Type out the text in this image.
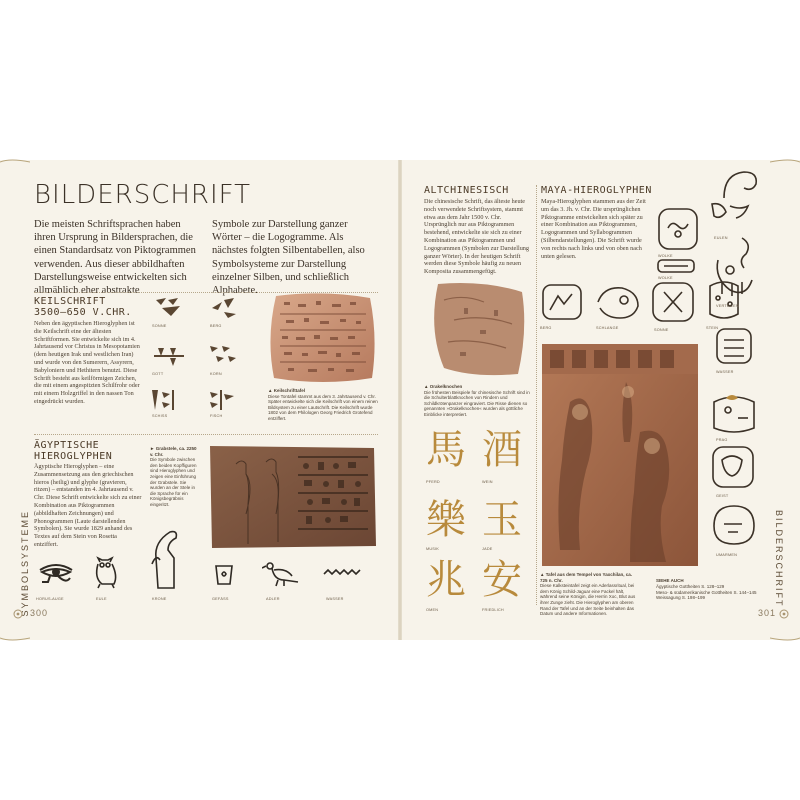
SYMBOLSYSTEME	BILDERSCHRIFT
300	301
BILDERSCHRIFT
Die meisten Schriftsprachen haben ihren Ursprung in Bildersprachen, die einen Standardsatz von Piktogrammen verwenden. Aus dieser abbildhaften Darstellungsweise entwickelten sich allmählich eher abstrakte
Symbole zur Darstellung ganzer Wörter – die Logogramme. Als nächstes folgten Silbentabellen, also Symbolsysteme zur Darstellung einzelner Silben, und schließlich Alphabete.
KEILSCHRIFT
3500–650 V.CHR.
Neben den ägyptischen Hieroglyphen ist die Keilschrift eine der ältesten Schriftformen. Sie entwickelte sich im 4. Jahrtausend vor Christus in Mesopotamien (dem heutigen Irak und westlichen Iran) und wurde von den Sumerern, Assyrern, Babyloniern und Hethitern benutzt. Diese Schrift besteht aus keilförmigen Zeichen, die mit einem angespitzten Schilfrohr oder mit einem Holzgriffel in den nassen Ton eingedrückt wurden.
SONNE	BERG
GOTT	KORN
SCHISS	FISCH
▲ Keilschrifttafel
Diese Tontafel stammt aus dem 3. Jahrtausend v. Chr. Später entwickelte sich die Keilschrift von einem reinen Bildsystem zu einer Lautschrift. Die Keilschrift wurde 1802 von dem Philologen Georg Friedrich Grotefend entziffert.
ÄGYPTISCHE
HIEROGLYPHEN
Ägyptische Hieroglyphen – eine Zusammensetzung aus den griechischen hieros (heilig) und glyphe (gravieren, ritzen) – entstanden im 4. Jahrtausend v. Chr. Diese Schrift entwickelte sich zu einer Kombination aus Piktogrammen (abbildhaften Zeichnungen) und Phonogrammen (Laute darstellenden Symbolen). Sie wurde 1829 anhand des Textes auf dem Stein von Rosetta entziffert.
► Grabstele, ca. 2250 v. Chr.
Die Symbole zwischen den beiden Kopffiguren sind Hieroglyphen und zeigen eine Einführung der Grabstele. Sie wurden an der Stele in die Sprache für ein Königsbegräbnis eingeritzt.
HORUS-AUGE	EULE	KRONE	GEFÄSS	ADLER	WASSER
ALTCHINESISCH
Die chinesische Schrift, das älteste heute noch verwendete Schriftsystem, stammt etwa aus dem Jahr 1500 v. Chr. Ursprünglich nur aus Piktogrammen bestehend, entwickelte sie sich zu einer Kombination aus Piktogrammen und Logogrammen (Symbolen zur Darstellung ganzer Wörter). In der heutigen Schrift werden diese Symbole häufig zu neuen Komposita zusammengefügt.
▲ Orakelknochen
Die frühesten Beispiele für chinesische Schrift sind in die Schulterblattknochen von Rindern und Schildkrötenpanzer eingraviert. Die Risse dienen so genannten »Orakelknochen« wurden als göttliche Einblicke interpretiert.
馬 酒
PFERD	WEIN
樂 玉
MUSIK	JADE
兆 安
OMEN	FRIEDLICH
MAYA-HIEROGLYPHEN
Maya-Hieroglyphen stammen aus der Zeit um das 3. Jh. v. Chr. Die ursprünglichen Piktogramme entwickelten sich später zu einer Kombination aus Piktogrammen, Logogrammen und Syllabogrammen (Silbendarstellungen). Die Schrift wurde von rechts nach links und von oben nach unten gelesen.	WOLKE
EULEN
WOLKE
BERG	SCHLANGE	SONNE	STEIN
VERTEILEN
WASSER
PRAG
GEIST
UMARMEN
▲ Tafel aus dem Tempel von Yaxchilan, ca. 725 n. Chr.
Diese Kalksteintafel zeigt ein Aderlassritual, bei dem König Schild-Jaguar eine Fackel hält, während seine Königin, die Herrin Xoc, Blut aus ihrer Zunge zieht. Die Hieroglyphen am oberen Rand der Tafel und an der Seite beinhalten das Datum und andere Informationen.
SIEHE AUCH
Ägyptische Gottheiten S. 128–129
Meso- & südamerikanische Gottheiten S. 144–145
Weissagung S. 198–199
